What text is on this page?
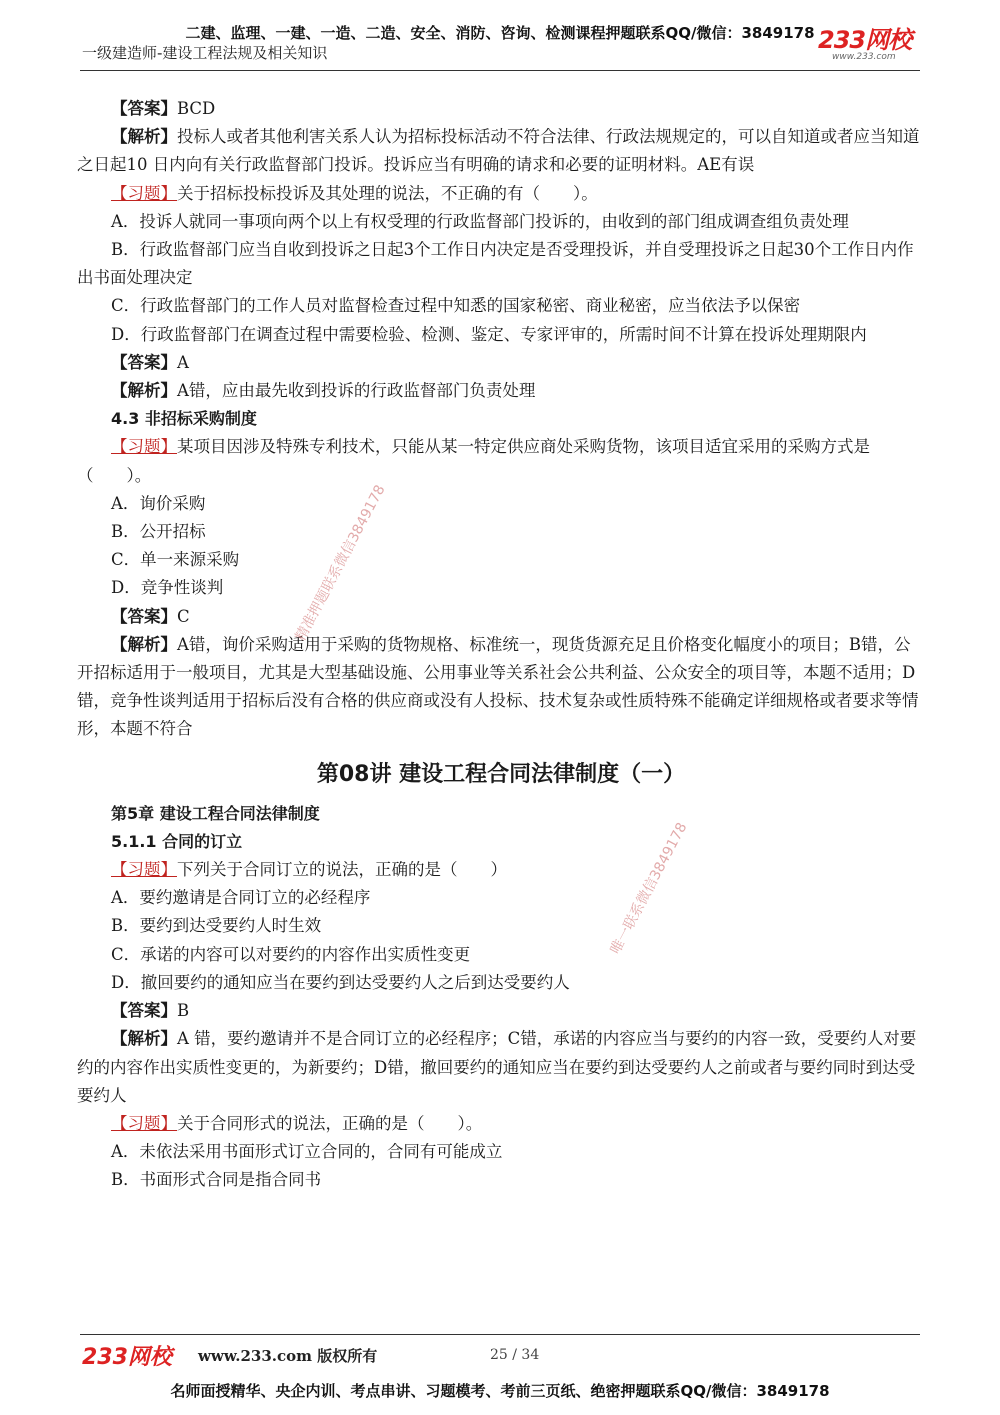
二建、监理、一建、一造、二造、安全、消防、咨询、检测课程押题联系QQ/微信：3849178
一级建造师-建设工程法规及相关知识	233网校
www.233.com

【答案】BCD

【解析】投标人或者其他利害关系人认为招标投标活动不符合法律、行政法规规定的，可以自知道或者应当知道之日起10 日内向有关行政监督部门投诉。投诉应当有明确的请求和必要的证明材料。AE有误

【习题】关于招标投标投诉及其处理的说法，不正确的有（　　）。

A．投诉人就同一事项向两个以上有权受理的行政监督部门投诉的，由收到的部门组成调查组负责处理

B．行政监督部门应当自收到投诉之日起3个工作日内决定是否受理投诉，并自受理投诉之日起30个工作日内作出书面处理决定

C．行政监督部门的工作人员对监督检查过程中知悉的国家秘密、商业秘密，应当依法予以保密

D．行政监督部门在调查过程中需要检验、检测、鉴定、专家评审的，所需时间不计算在投诉处理期限内

【答案】A

【解析】A错，应由最先收到投诉的行政监督部门负责处理

4.3 非招标采购制度

【习题】某项目因涉及特殊专利技术，只能从某一特定供应商处采购货物，该项目适宜采用的采购方式是（　　）。

A．询价采购

B．公开招标

C．单一来源采购

D．竞争性谈判

【答案】C

【解析】A错，询价采购适用于采购的货物规格、标准统一，现货货源充足且价格变化幅度小的项目；B错，公开招标适用于一般项目，尤其是大型基础设施、公用事业等关系社会公共利益、公众安全的项目等，本题不适用；D错，竞争性谈判适用于招标后没有合格的供应商或没有人投标、技术复杂或性质特殊不能确定详细规格或者要求等情形，本题不符合

第08讲 建设工程合同法律制度（一）

第5章 建设工程合同法律制度

5.1.1 合同的订立

【习题】下列关于合同订立的说法，正确的是（　　）

A．要约邀请是合同订立的必经程序

B．要约到达受要约人时生效

C．承诺的内容可以对要约的内容作出实质性变更

D．撤回要约的通知应当在要约到达受要约人之后到达受要约人

【答案】B

【解析】A 错，要约邀请并不是合同订立的必经程序；C错，承诺的内容应当与要约的内容一致，受要约人对要约的内容作出实质性变更的，为新要约；D错，撤回要约的通知应当在要约到达受要约人之前或者与要约同时到达受要约人

【习题】关于合同形式的说法，正确的是（　　）。

A．未依法采用书面形式订立合同的，合同有可能成立

B．书面形式合同是指合同书

精准押题联系微信3849178
唯一联系微信3849178
233网校 www.233.com 版权所有	25 / 34
名师面授精华、央企内训、考点串讲、习题模考、考前三页纸、绝密押题联系QQ/微信：3849178
